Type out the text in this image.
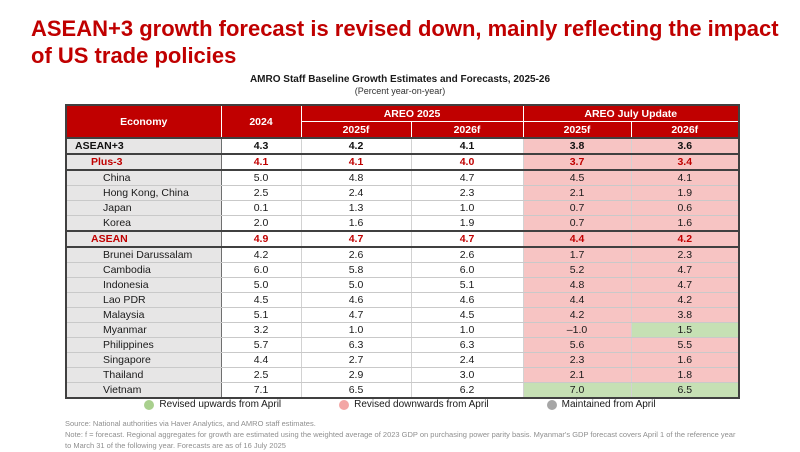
ASEAN+3 growth forecast is revised down, mainly reflecting the impact of US trade policies
AMRO Staff Baseline Growth Estimates and Forecasts, 2025-26
(Percent year-on-year)
Economy	2024	AREO 2025		AREO July Update	
		2025f	2026f	2025f	2026f
ASEAN+3	4.3	4.2	4.1	3.8	3.6
Plus-3	4.1	4.1	4.0	3.7	3.4
China	5.0	4.8	4.7	4.5	4.1
Hong Kong, China	2.5	2.4	2.3	2.1	1.9
Japan	0.1	1.3	1.0	0.7	0.6
Korea	2.0	1.6	1.9	0.7	1.6
ASEAN	4.9	4.7	4.7	4.4	4.2
Brunei Darussalam	4.2	2.6	2.6	1.7	2.3
Cambodia	6.0	5.8	6.0	5.2	4.7
Indonesia	5.0	5.0	5.1	4.8	4.7
Lao PDR	4.5	4.6	4.6	4.4	4.2
Malaysia	5.1	4.7	4.5	4.2	3.8
Myanmar	3.2	1.0	1.0	–1.0	1.5
Philippines	5.7	6.3	6.3	5.6	5.5
Singapore	4.4	2.7	2.4	2.3	1.6
Thailand	2.5	2.9	3.0	2.1	1.8
Vietnam	7.1	6.5	6.2	7.0	6.5
Revised upwards from April	Revised downwards from April	Maintained from April
Source: National authorities via Haver Analytics, and AMRO staff estimates.
Note: f = forecast. Regional aggregates for growth are estimated using the weighted average of 2023 GDP on purchasing power parity basis. Myanmar's GDP forecast covers April 1 of the reference year to March 31 of the following year. Forecasts are as of 16 July 2025
